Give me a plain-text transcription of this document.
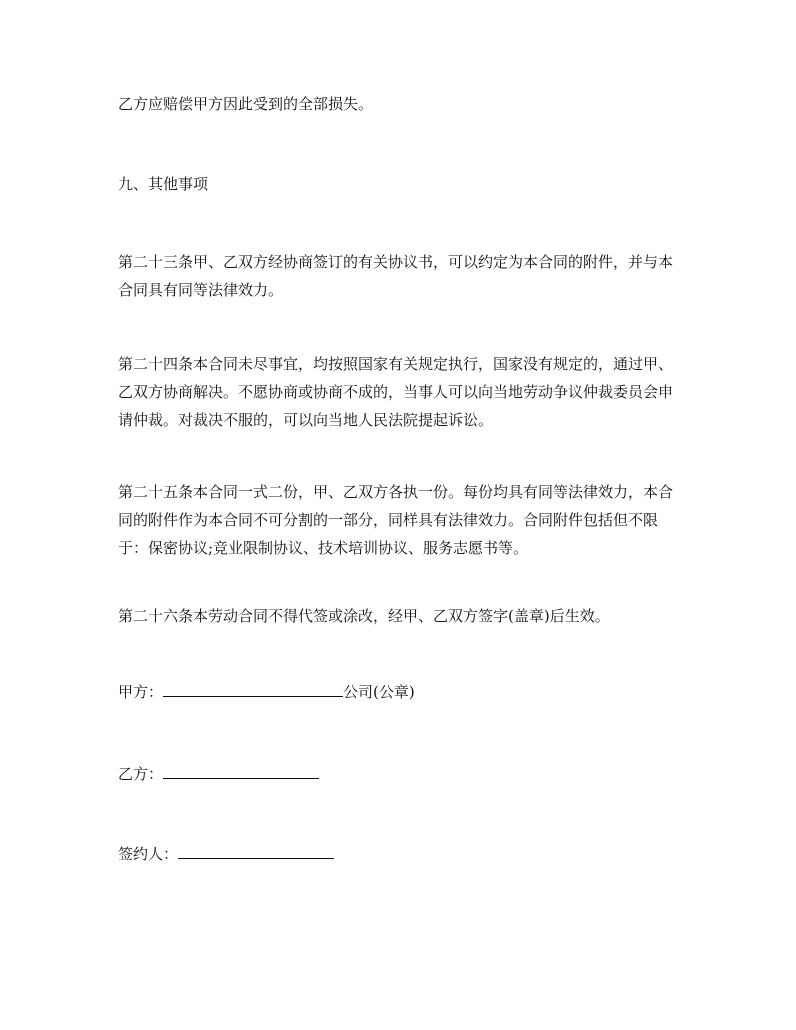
乙方应赔偿甲方因此受到的全部损失。

九、其他事项

第二十三条甲、乙双方经协商签订的有关协议书，可以约定为本合同的附件，并与本合同具有同等法律效力。

第二十四条本合同未尽事宜，均按照国家有关规定执行，国家没有规定的，通过甲、乙双方协商解决。不愿协商或协商不成的，当事人可以向当地劳动争议仲裁委员会申请仲裁。对裁决不服的，可以向当地人民法院提起诉讼。

第二十五条本合同一式二份，甲、乙双方各执一份。每份均具有同等法律效力，本合同的附件作为本合同不可分割的一部分，同样具有法律效力。合同附件包括但不限于：保密协议;竞业限制协议、技术培训协议、服务志愿书等。

第二十六条本劳动合同不得代签或涂改，经甲、乙双方签字(盖章)后生效。

甲方：	公司(公章)
乙方：
签约人：
